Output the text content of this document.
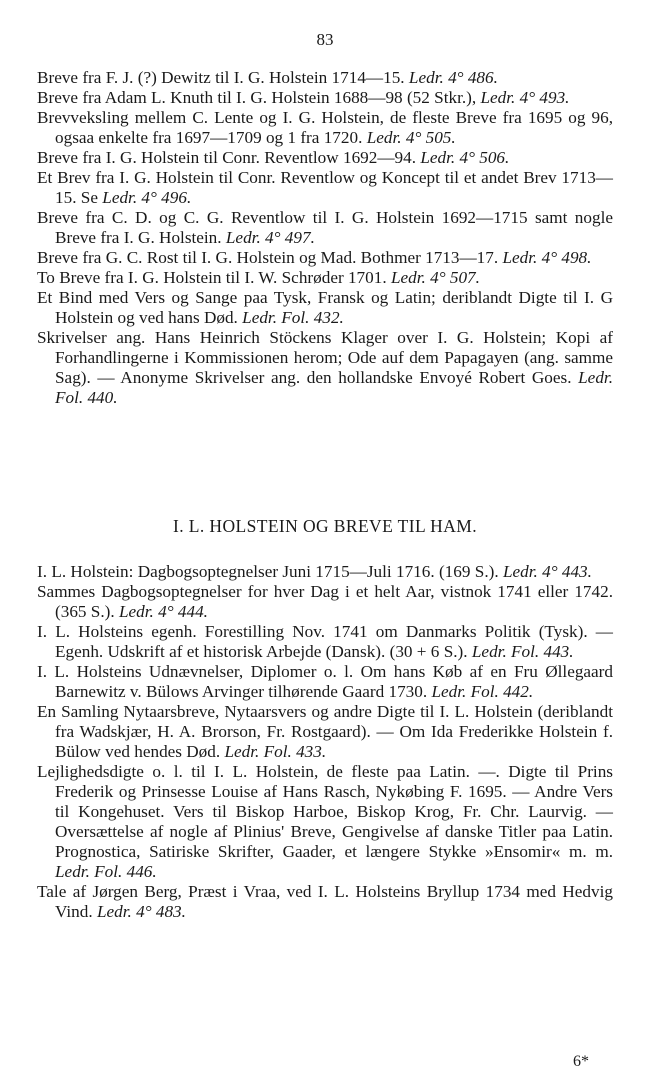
83

Breve fra F. J. (?) Dewitz til I. G. Holstein 1714—15. Ledr. 4° 486.

Breve fra Adam L. Knuth til I. G. Holstein 1688—98 (52 Stkr.), Ledr. 4° 493.

Brevveksling mellem C. Lente og I. G. Holstein, de fleste Breve fra 1695 og 96, ogsaa enkelte fra 1697—1709 og 1 fra 1720. Ledr. 4° 505.

Breve fra I. G. Holstein til Conr. Reventlow 1692—94. Ledr. 4° 506.

Et Brev fra I. G. Holstein til Conr. Reventlow og Koncept til et andet Brev 1713—15. Se Ledr. 4° 496.

Breve fra C. D. og C. G. Reventlow til I. G. Holstein 1692—1715 samt nogle Breve fra I. G. Holstein. Ledr. 4° 497.

Breve fra G. C. Rost til I. G. Holstein og Mad. Bothmer 1713—17. Ledr. 4° 498.

To Breve fra I. G. Holstein til I. W. Schrøder 1701. Ledr. 4° 507.

Et Bind med Vers og Sange paa Tysk, Fransk og Latin; deriblandt Digte til I. G Holstein og ved hans Død. Ledr. Fol. 432.

Skrivelser ang. Hans Heinrich Stöckens Klager over I. G. Holstein; Kopi af Forhandlingerne i Kommissionen herom; Ode auf dem Papagayen (ang. samme Sag). — Anonyme Skrivelser ang. den hollandske Envoyé Robert Goes. Ledr. Fol. 440.

I. L. HOLSTEIN OG BREVE TIL HAM.

I. L. Holstein: Dagbogsoptegnelser Juni 1715—Juli 1716. (169 S.). Ledr. 4° 443.

Sammes Dagbogsoptegnelser for hver Dag i et helt Aar, vistnok 1741 eller 1742. (365 S.). Ledr. 4° 444.

I. L. Holsteins egenh. Forestilling Nov. 1741 om Danmarks Politik (Tysk). — Egenh. Udskrift af et historisk Arbejde (Dansk). (30 + 6 S.). Ledr. Fol. 443.

I. L. Holsteins Udnævnelser, Diplomer o. l. Om hans Køb af en Fru Øllegaard Barnewitz v. Bülows Arvinger tilhørende Gaard 1730. Ledr. Fol. 442.

En Samling Nytaarsbreve, Nytaarsvers og andre Digte til I. L. Holstein (deriblandt fra Wadskjær, H. A. Brorson, Fr. Rostgaard). — Om Ida Frederikke Holstein f. Bülow ved hendes Død. Ledr. Fol. 433.

Lejlighedsdigte o. l. til I. L. Holstein, de fleste paa Latin. —. Digte til Prins Frederik og Prinsesse Louise af Hans Rasch, Nykøbing F. 1695. — Andre Vers til Kongehuset. Vers til Biskop Harboe, Biskop Krog, Fr. Chr. Laurvig. — Oversættelse af nogle af Plinius' Breve, Gengivelse af danske Titler paa Latin. Prognostica, Satiriske Skrifter, Gaader, et længere Stykke »Ensomir« m. m. Ledr. Fol. 446.

Tale af Jørgen Berg, Præst i Vraa, ved I. L. Holsteins Bryllup 1734 med Hedvig Vind. Ledr. 4° 483.

6*
